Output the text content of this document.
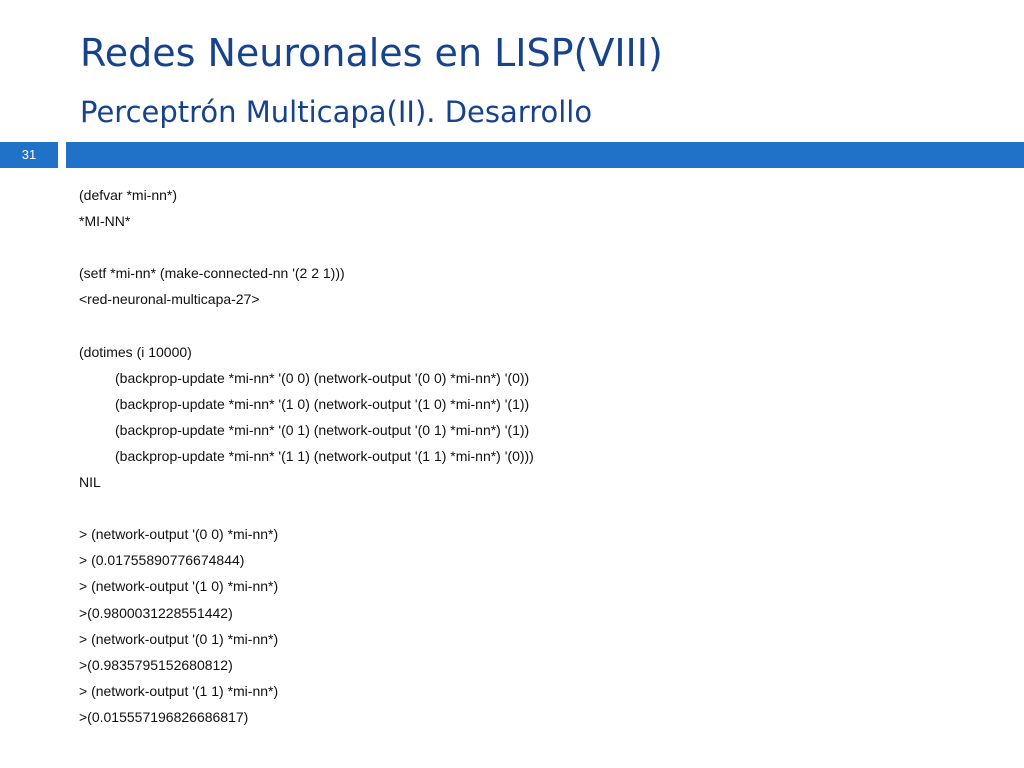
Redes Neuronales en LISP(VIII)
Perceptrón Multicapa(II). Desarrollo
31
(defvar *mi-nn*)
*MI-NN*
(setf *mi-nn* (make-connected-nn '(2 2 1)))
<red-neuronal-multicapa-27>
(dotimes (i 10000)
(backprop-update *mi-nn* '(0 0) (network-output '(0 0) *mi-nn*) '(0))
(backprop-update *mi-nn* '(1 0) (network-output '(1 0) *mi-nn*) '(1))
(backprop-update *mi-nn* '(0 1) (network-output '(0 1) *mi-nn*) '(1))
(backprop-update *mi-nn* '(1 1) (network-output '(1 1) *mi-nn*) '(0)))
NIL
> (network-output '(0 0) *mi-nn*)
> (0.01755890776674844)
> (network-output '(1 0) *mi-nn*)
>(0.9800031228551442)
> (network-output '(0 1) *mi-nn*)
>(0.9835795152680812)
> (network-output '(1 1) *mi-nn*)
>(0.015557196826686817)
